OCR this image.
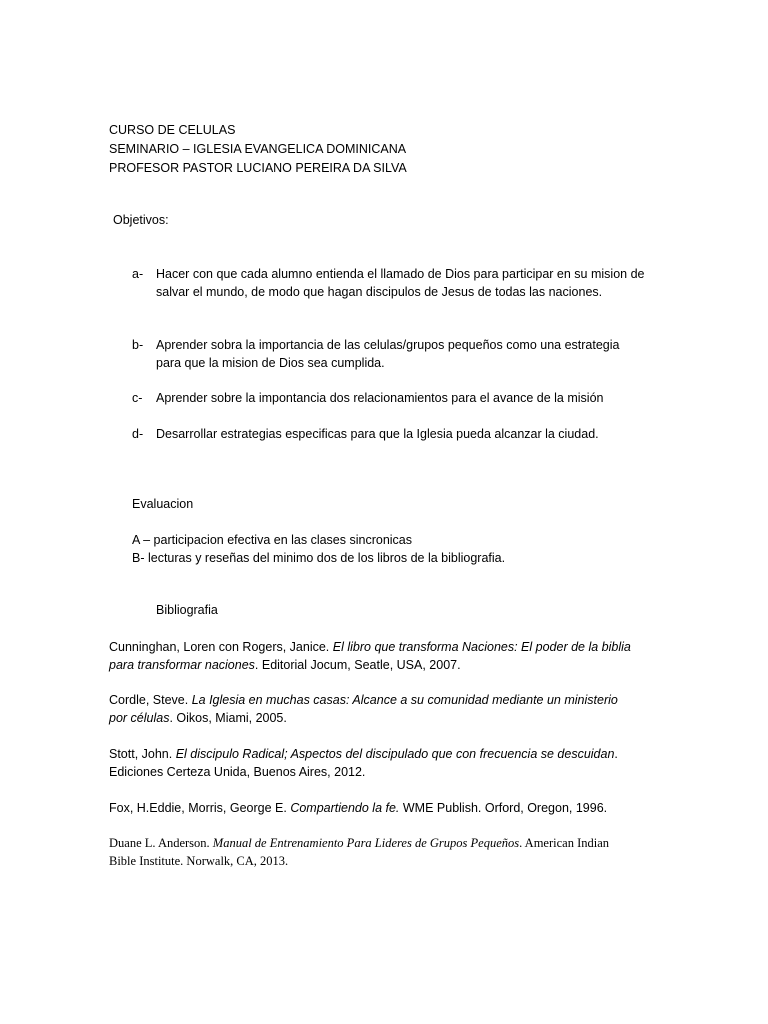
CURSO DE CELULAS
SEMINARIO – IGLESIA EVANGELICA DOMINICANA
PROFESOR PASTOR LUCIANO PEREIRA DA SILVA
Objetivos:
a- Hacer con que cada alumno entienda el llamado de Dios para participar en su mision de salvar el mundo, de modo que hagan discipulos de Jesus de todas las naciones.
b- Aprender sobra la importancia de las celulas/grupos pequeños como una estrategia para que la mision de Dios sea cumplida.
c- Aprender sobre la impontancia dos relacionamientos para el avance de la misión
d- Desarrollar estrategias especificas para que la Iglesia pueda alcanzar la ciudad.
Evaluacion
A – participacion efectiva en las clases sincronicas
B- lecturas y reseñas del minimo dos de los libros de la bibliografia.
Bibliografia
Cunninghan, Loren con Rogers, Janice. El libro que transforma Naciones: El poder de la biblia para transformar naciones. Editorial Jocum, Seatle, USA, 2007.
Cordle, Steve. La Iglesia en muchas casas: Alcance a su comunidad mediante un ministerio por células. Oikos, Miami, 2005.
Stott, John. El discipulo Radical; Aspectos del discipulado que con frecuencia se descuidan. Ediciones Certeza Unida, Buenos Aires, 2012.
Fox, H.Eddie, Morris, George E. Compartiendo la fe. WME Publish. Orford, Oregon, 1996.
Duane L. Anderson. Manual de Entrenamiento Para Lideres de Grupos Pequeños. American Indian Bible Institute. Norwalk, CA, 2013.
